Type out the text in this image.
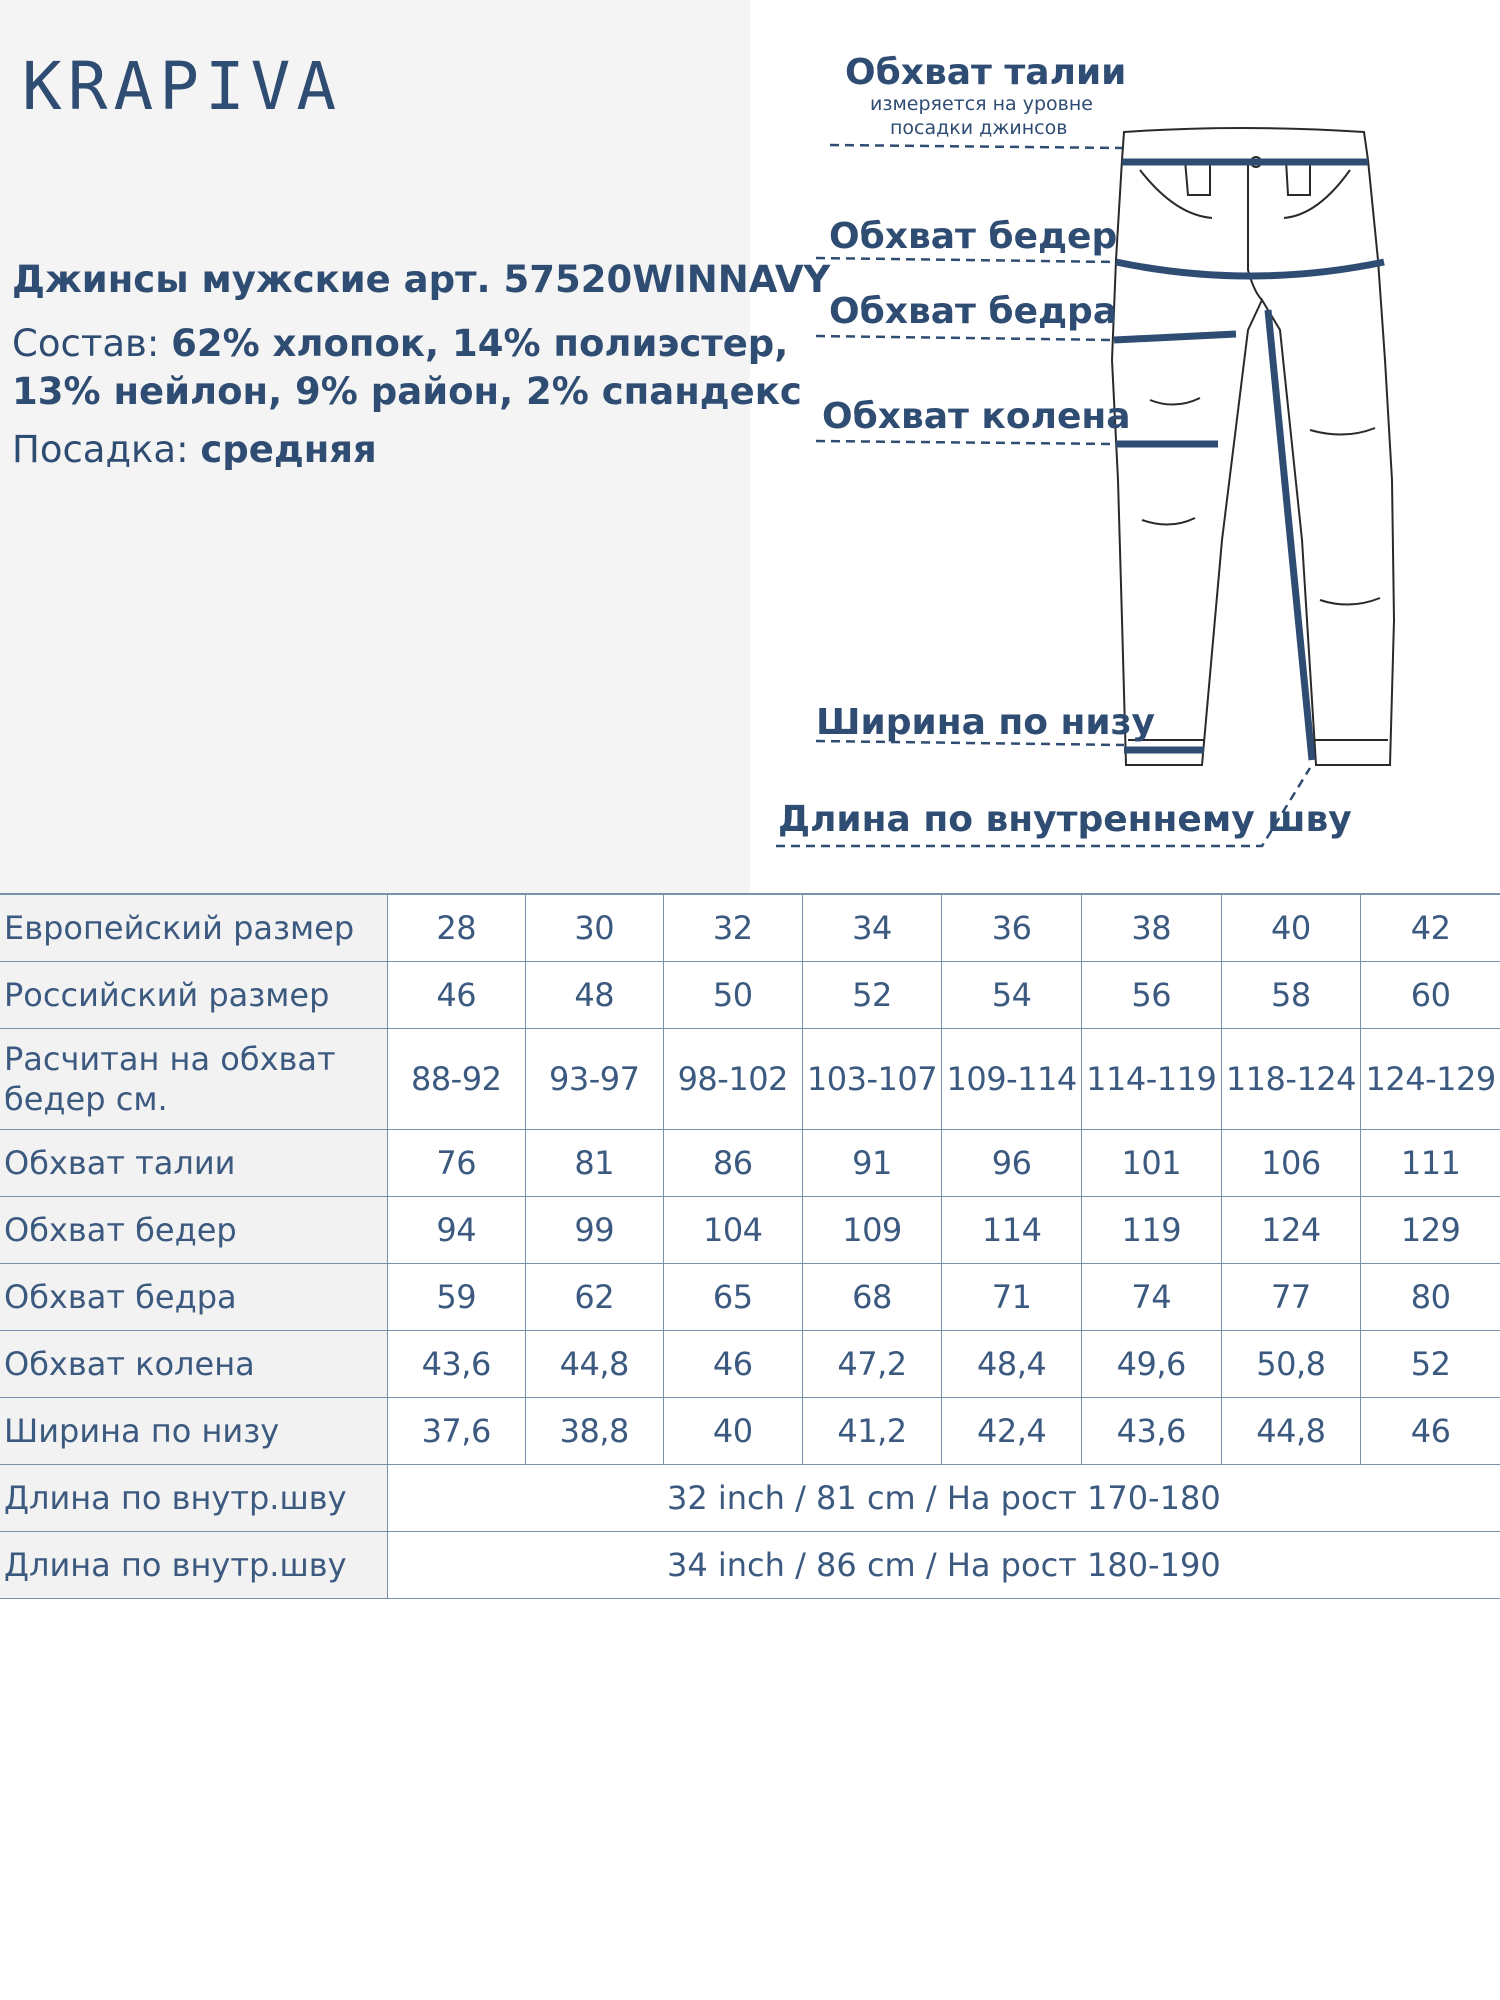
KRAPIVA
Джинсы мужские арт. 57520WINNAVY
Состав: 62% хлопок, 14% полиэстер,
13% нейлон, 9% район, 2% спандекс
Посадка: средняя
Обхват талии
измеряется на уровне
посадки джинсов
Обхват бедер
Обхват бедра
Обхват колена
Ширина по низу
Длина по внутреннему шву
Европейский размер	28	30	32	34	36	38	40	42
Российский размер	46	48	50	52	54	56	58	60
Расчитан на обхват
бедер см.	88-92	93-97	98-102	103-107	109-114	114-119	118-124	124-129
Обхват талии	76	81	86	91	96	101	106	111
Обхват бедер	94	99	104	109	114	119	124	129
Обхват бедра	59	62	65	68	71	74	77	80
Обхват колена	43,6	44,8	46	47,2	48,4	49,6	50,8	52
Ширина по низу	37,6	38,8	40	41,2	42,4	43,6	44,8	46
Длина по внутр.шву	32 inch / 81 cm / На рост 170-180							
Длина по внутр.шву	34 inch / 86 cm / На рост 180-190							
